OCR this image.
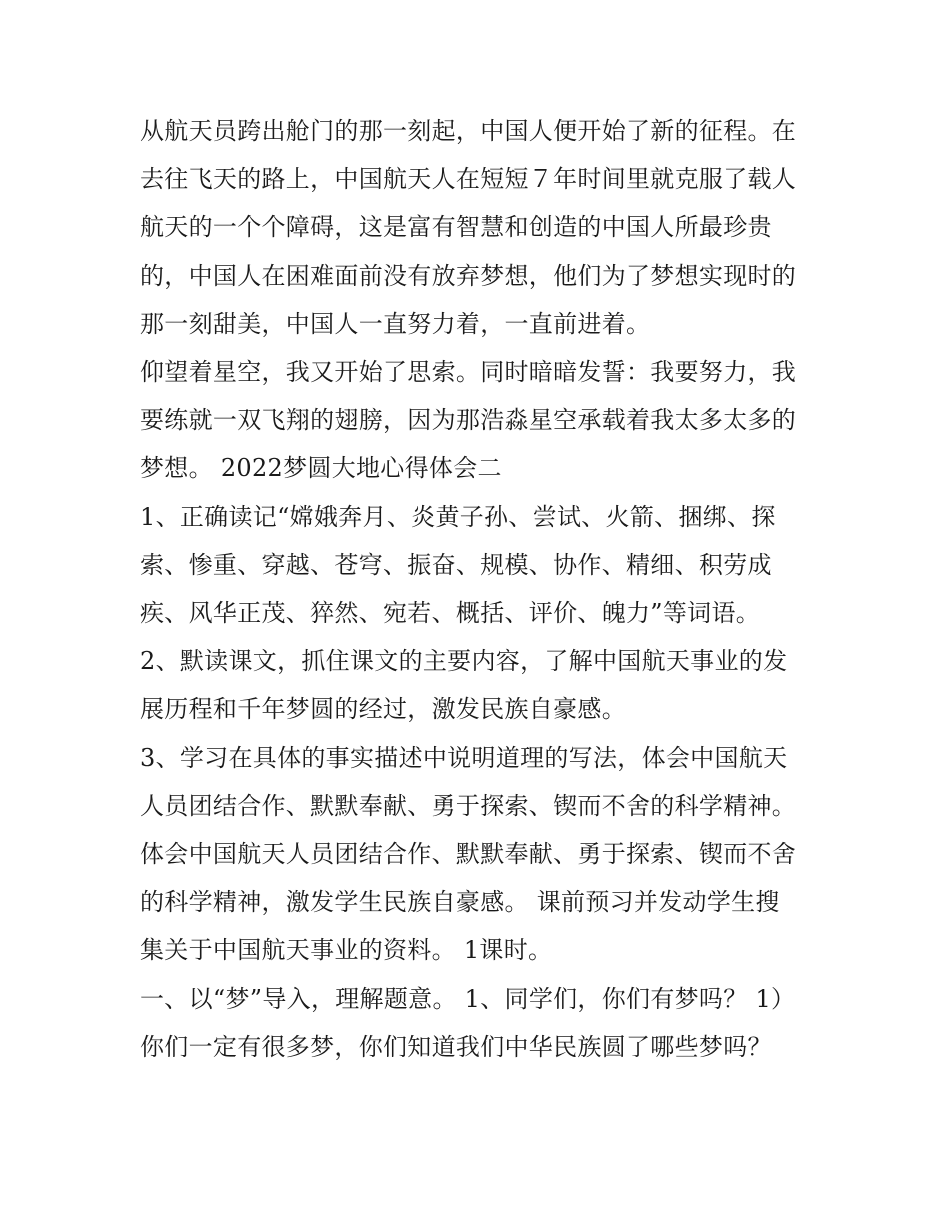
从航天员跨出舱门的那一刻起，中国人便开始了新的征程。在
去往飞天的路上，中国航天人在短短７年时间里就克服了载人
航天的一个个障碍，这是富有智慧和创造的中国人所最珍贵
的，中国人在困难面前没有放弃梦想，他们为了梦想实现时的
那一刻甜美，中国人一直努力着，一直前进着。
仰望着星空，我又开始了思索。同时暗暗发誓：我要努力，我
要练就一双飞翔的翅膀，因为那浩淼星空承载着我太多太多的
梦想。 2022梦圆大地心得体会二
1、正确读记“嫦娥奔月、炎黄子孙、尝试、火箭、捆绑、探
索、惨重、穿越、苍穹、振奋、规模、协作、精细、积劳成
疾、风华正茂、猝然、宛若、概括、评价、魄力”等词语。
2、默读课文，抓住课文的主要内容，了解中国航天事业的发
展历程和千年梦圆的经过，激发民族自豪感。
3、学习在具体的事实描述中说明道理的写法，体会中国航天
人员团结合作、默默奉献、勇于探索、锲而不舍的科学精神。
体会中国航天人员团结合作、默默奉献、勇于探索、锲而不舍
的科学精神，激发学生民族自豪感。 课前预习并发动学生搜
集关于中国航天事业的资料。 1课时。
一、以“梦”导入，理解题意。 1、同学们，你们有梦吗？ 1）
你们一定有很多梦，你们知道我们中华民族圆了哪些梦吗？
